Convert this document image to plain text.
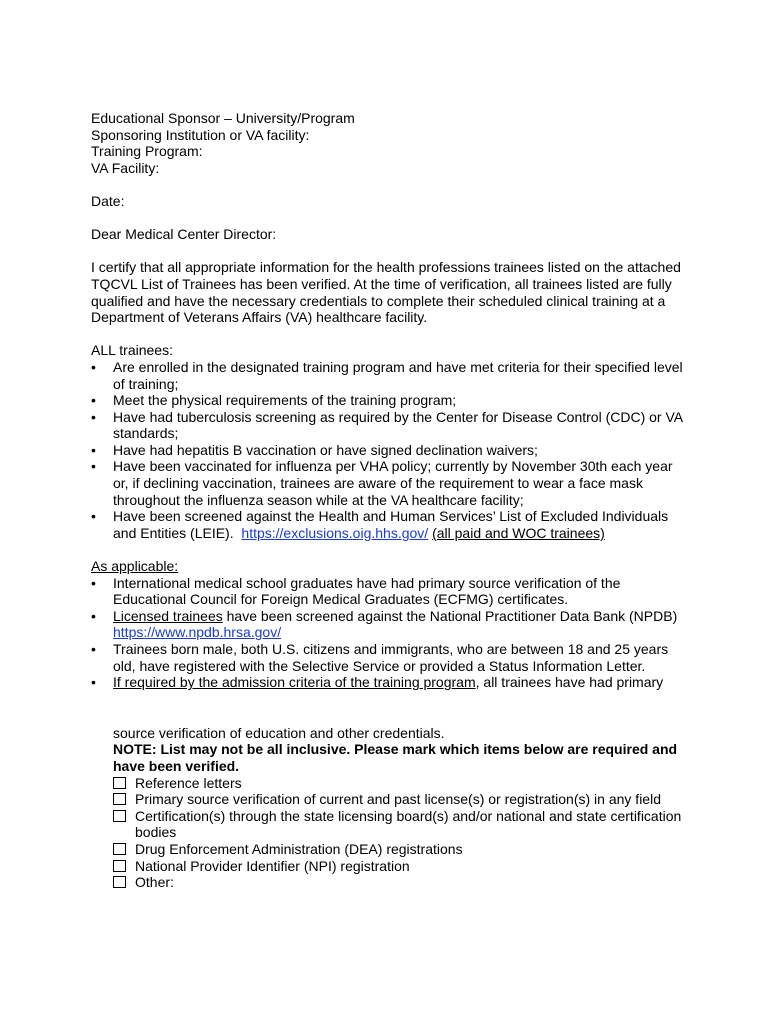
Educational Sponsor – University/Program
Sponsoring Institution or VA facility:
Training Program:
VA Facility:
Date:
Dear Medical Center Director:
I certify that all appropriate information for the health professions trainees listed on the attached
TQCVL List of Trainees has been verified. At the time of verification, all trainees listed are fully
qualified and have the necessary credentials to complete their scheduled clinical training at a
Department of Veterans Affairs (VA) healthcare facility.
ALL trainees:
•	Are enrolled in the designated training program and have met criteria for their specified level
of training;
•	Meet the physical requirements of the training program;
•	Have had tuberculosis screening as required by the Center for Disease Control (CDC) or VA
standards;
•	Have had hepatitis B vaccination or have signed declination waivers;
•	Have been vaccinated for influenza per VHA policy; currently by November 30th each year
or, if declining vaccination, trainees are aware of the requirement to wear a face mask
throughout the influenza season while at the VA healthcare facility;
•	Have been screened against the Health and Human Services’ List of Excluded Individuals
and Entities (LEIE). https://exclusions.oig.hhs.gov/ (all paid and WOC trainees)
As applicable:
•	International medical school graduates have had primary source verification of the
Educational Council for Foreign Medical Graduates (ECFMG) certificates.
•	Licensed trainees have been screened against the National Practitioner Data Bank (NPDB)
https://www.npdb.hrsa.gov/
•	Trainees born male, both U.S. citizens and immigrants, who are between 18 and 25 years
old, have registered with the Selective Service or provided a Status Information Letter.
•	If required by the admission criteria of the training program, all trainees have had primary
source verification of education and other credentials.
NOTE: List may not be all inclusive. Please mark which items below are required and
have been verified.
Reference letters
Primary source verification of current and past license(s) or registration(s) in any field
Certification(s) through the state licensing board(s) and/or national and state certification
bodies
Drug Enforcement Administration (DEA) registrations
National Provider Identifier (NPI) registration
Other:
